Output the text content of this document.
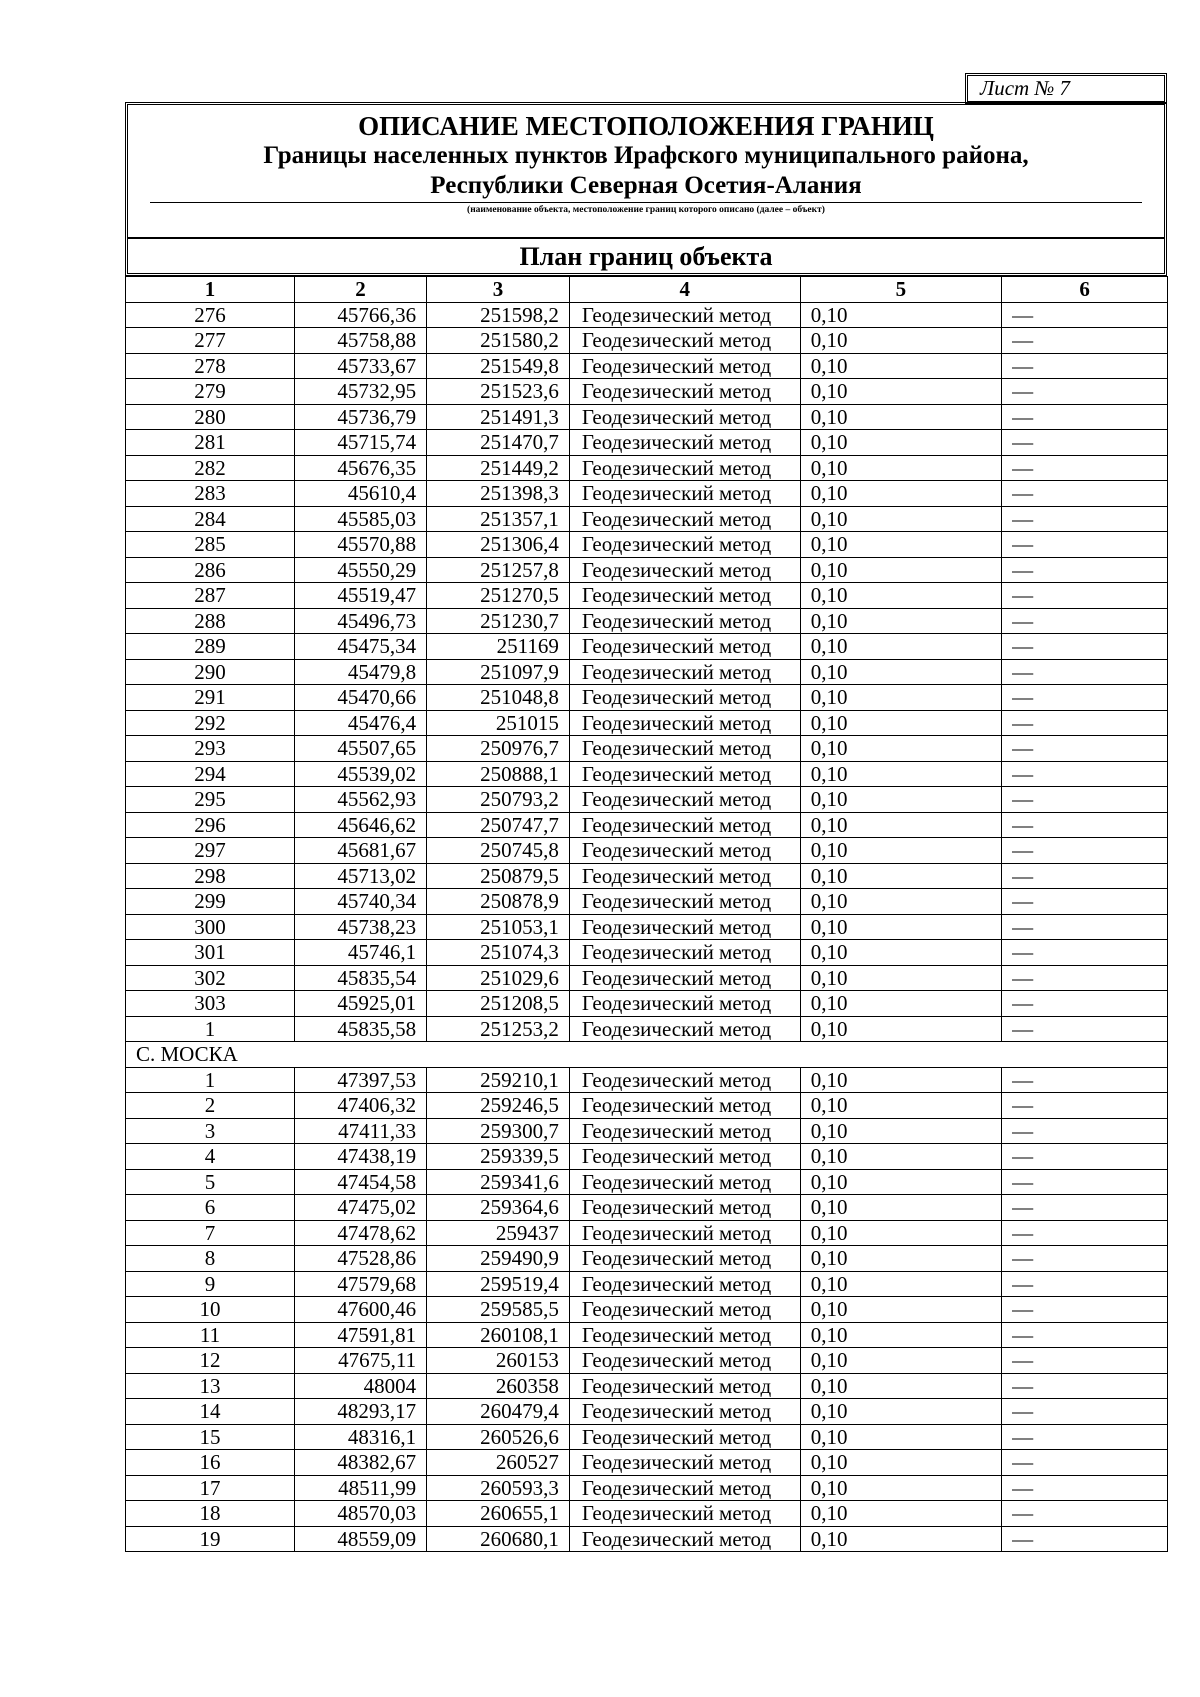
Лист № 7
ОПИСАНИЕ МЕСТОПОЛОЖЕНИЯ ГРАНИЦ
Границы населенных пунктов Ирафского муниципального района,
Республики Северная Осетия-Алания
(наименование объекта, местоположение границ которого описано (далее – объект)
План границ объекта
1	2	3	4	5	6
276	45766,36	251598,2	Геодезический метод	0,10	—
277	45758,88	251580,2	Геодезический метод	0,10	—
278	45733,67	251549,8	Геодезический метод	0,10	—
279	45732,95	251523,6	Геодезический метод	0,10	—
280	45736,79	251491,3	Геодезический метод	0,10	—
281	45715,74	251470,7	Геодезический метод	0,10	—
282	45676,35	251449,2	Геодезический метод	0,10	—
283	45610,4	251398,3	Геодезический метод	0,10	—
284	45585,03	251357,1	Геодезический метод	0,10	—
285	45570,88	251306,4	Геодезический метод	0,10	—
286	45550,29	251257,8	Геодезический метод	0,10	—
287	45519,47	251270,5	Геодезический метод	0,10	—
288	45496,73	251230,7	Геодезический метод	0,10	—
289	45475,34	251169	Геодезический метод	0,10	—
290	45479,8	251097,9	Геодезический метод	0,10	—
291	45470,66	251048,8	Геодезический метод	0,10	—
292	45476,4	251015	Геодезический метод	0,10	—
293	45507,65	250976,7	Геодезический метод	0,10	—
294	45539,02	250888,1	Геодезический метод	0,10	—
295	45562,93	250793,2	Геодезический метод	0,10	—
296	45646,62	250747,7	Геодезический метод	0,10	—
297	45681,67	250745,8	Геодезический метод	0,10	—
298	45713,02	250879,5	Геодезический метод	0,10	—
299	45740,34	250878,9	Геодезический метод	0,10	—
300	45738,23	251053,1	Геодезический метод	0,10	—
301	45746,1	251074,3	Геодезический метод	0,10	—
302	45835,54	251029,6	Геодезический метод	0,10	—
303	45925,01	251208,5	Геодезический метод	0,10	—
1	45835,58	251253,2	Геодезический метод	0,10	—
С. МОСКА					
1	47397,53	259210,1	Геодезический метод	0,10	—
2	47406,32	259246,5	Геодезический метод	0,10	—
3	47411,33	259300,7	Геодезический метод	0,10	—
4	47438,19	259339,5	Геодезический метод	0,10	—
5	47454,58	259341,6	Геодезический метод	0,10	—
6	47475,02	259364,6	Геодезический метод	0,10	—
7	47478,62	259437	Геодезический метод	0,10	—
8	47528,86	259490,9	Геодезический метод	0,10	—
9	47579,68	259519,4	Геодезический метод	0,10	—
10	47600,46	259585,5	Геодезический метод	0,10	—
11	47591,81	260108,1	Геодезический метод	0,10	—
12	47675,11	260153	Геодезический метод	0,10	—
13	48004	260358	Геодезический метод	0,10	—
14	48293,17	260479,4	Геодезический метод	0,10	—
15	48316,1	260526,6	Геодезический метод	0,10	—
16	48382,67	260527	Геодезический метод	0,10	—
17	48511,99	260593,3	Геодезический метод	0,10	—
18	48570,03	260655,1	Геодезический метод	0,10	—
19	48559,09	260680,1	Геодезический метод	0,10	—
